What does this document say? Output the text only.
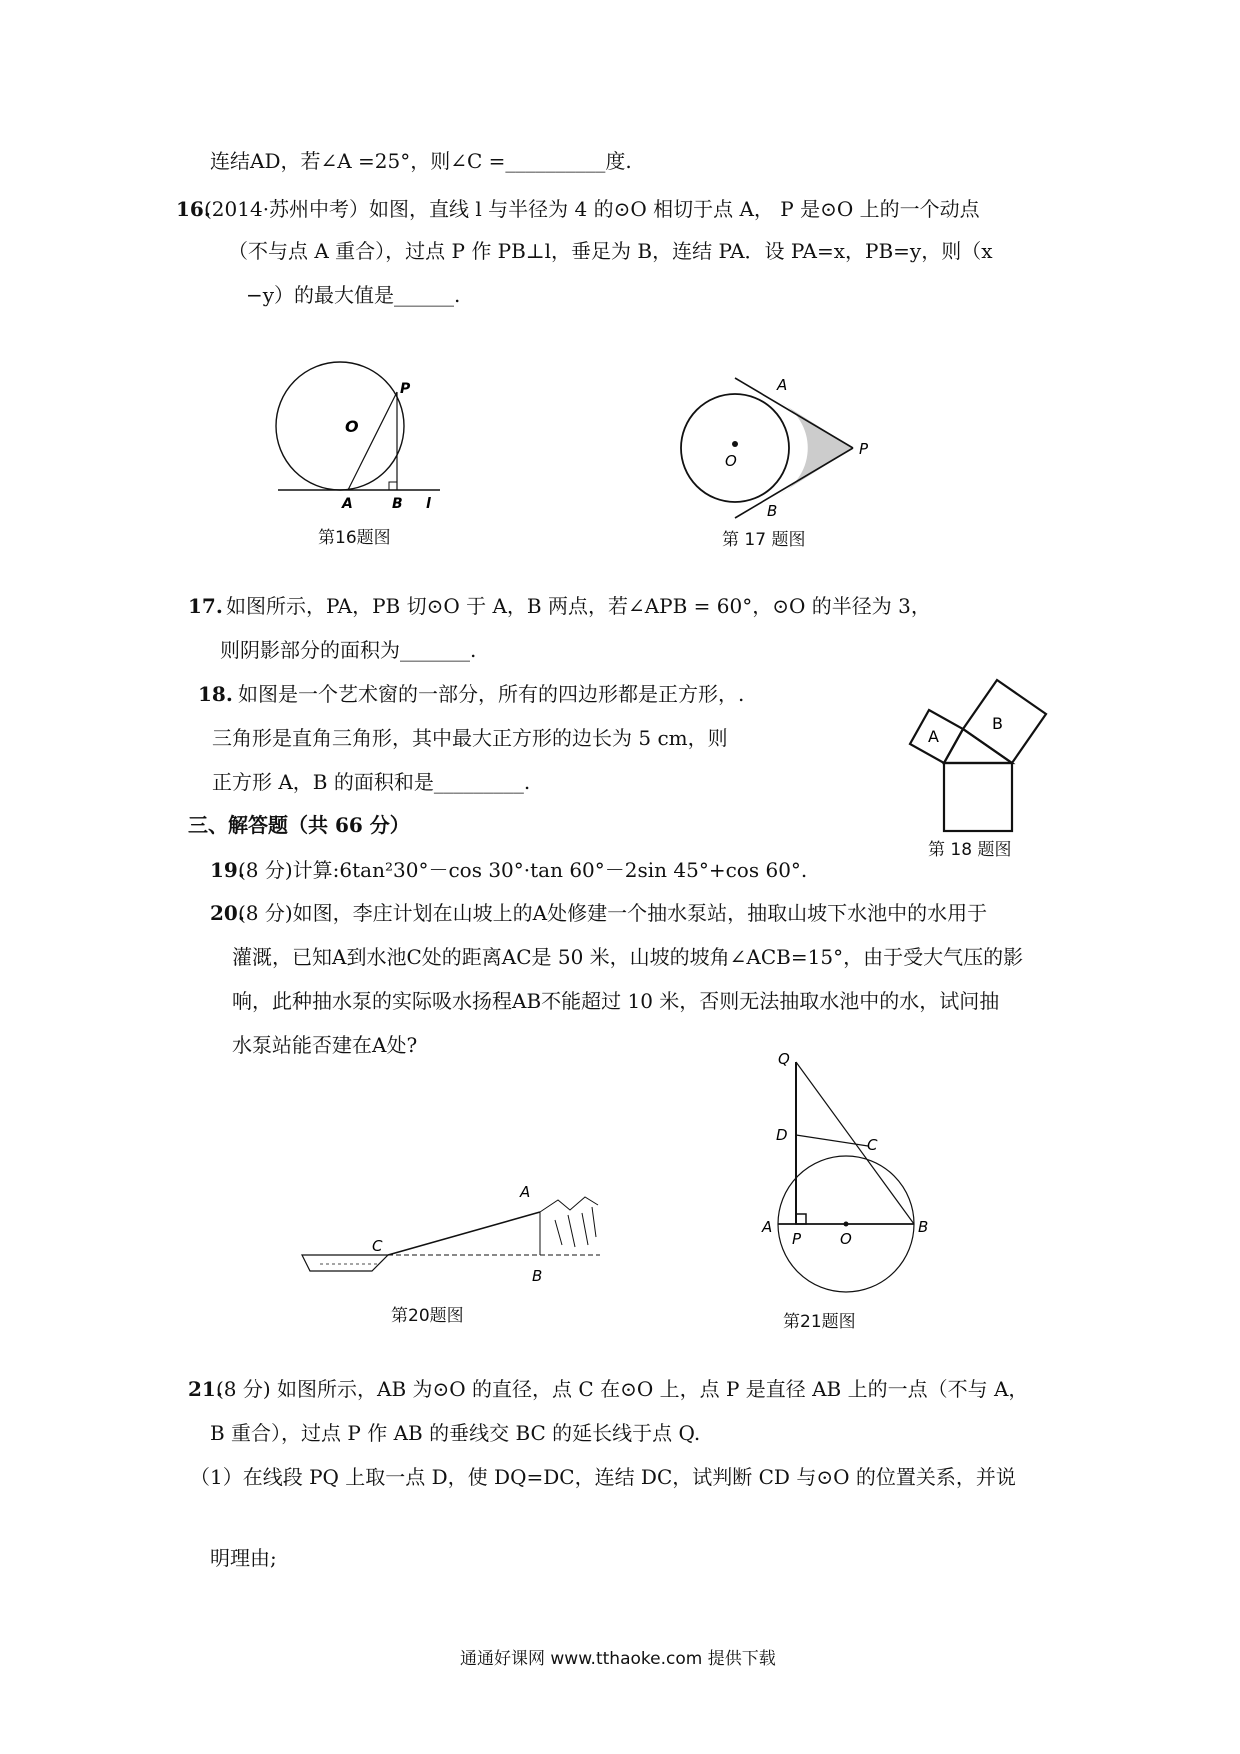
连结AD，若∠A =25°，则∠C =__________度.
16.
(2014·苏州中考）如图，直线 l 与半径为 4 的⊙O 相切于点 A， P 是⊙O 上的一个动点
（不与点 A 重合），过点 P 作 PB⊥l，垂足为 B，连结 PA．设 PA=x，PB=y，则（x
−y）的最大值是______.
P
O
A	B l
第16题图
A
O
P
B
第 17 题图
17. 如图所示，PA，PB 切⊙O 于 A，B 两点，若∠APB = 60°，⊙O 的半径为 3，
则阴影部分的面积为_______.
18. 如图是一个艺术窗的一部分，所有的四边形都是正方形，.
三角形是直角三角形，其中最大正方形的边长为 5 cm，则
正方形 A，B 的面积和是_________.
A
B
第 18 题图
三、解答题（共 66 分）
19.
(8 分)计算:6tan²30°－cos 30°·tan 60°－2sin 45°+cos 60°.
20.
(8 分)如图，李庄计划在山坡上的A处修建一个抽水泵站，抽取山坡下水池中的水用于
灌溉，已知A到水池C处的距离AC是 50 米，山坡的坡角∠ACB=15°，由于受大气压的影
响，此种抽水泵的实际吸水扬程AB不能超过 10 米，否则无法抽取水池中的水，试问抽
水泵站能否建在A处?
A
B
C
第20题图
Q
D
C
A
P	O
B
第21题图
21.
(8 分) 如图所示，AB 为⊙O 的直径，点 C 在⊙O 上，点 P 是直径 AB 上的一点（不与 A，
B 重合），过点 P 作 AB 的垂线交 BC 的延长线于点 Q.
（1）在线段 PQ 上取一点 D，使 DQ=DC，连结 DC，试判断 CD 与⊙O 的位置关系，并说
明理由;
通通好课网 www.tthaoke.com 提供下载
